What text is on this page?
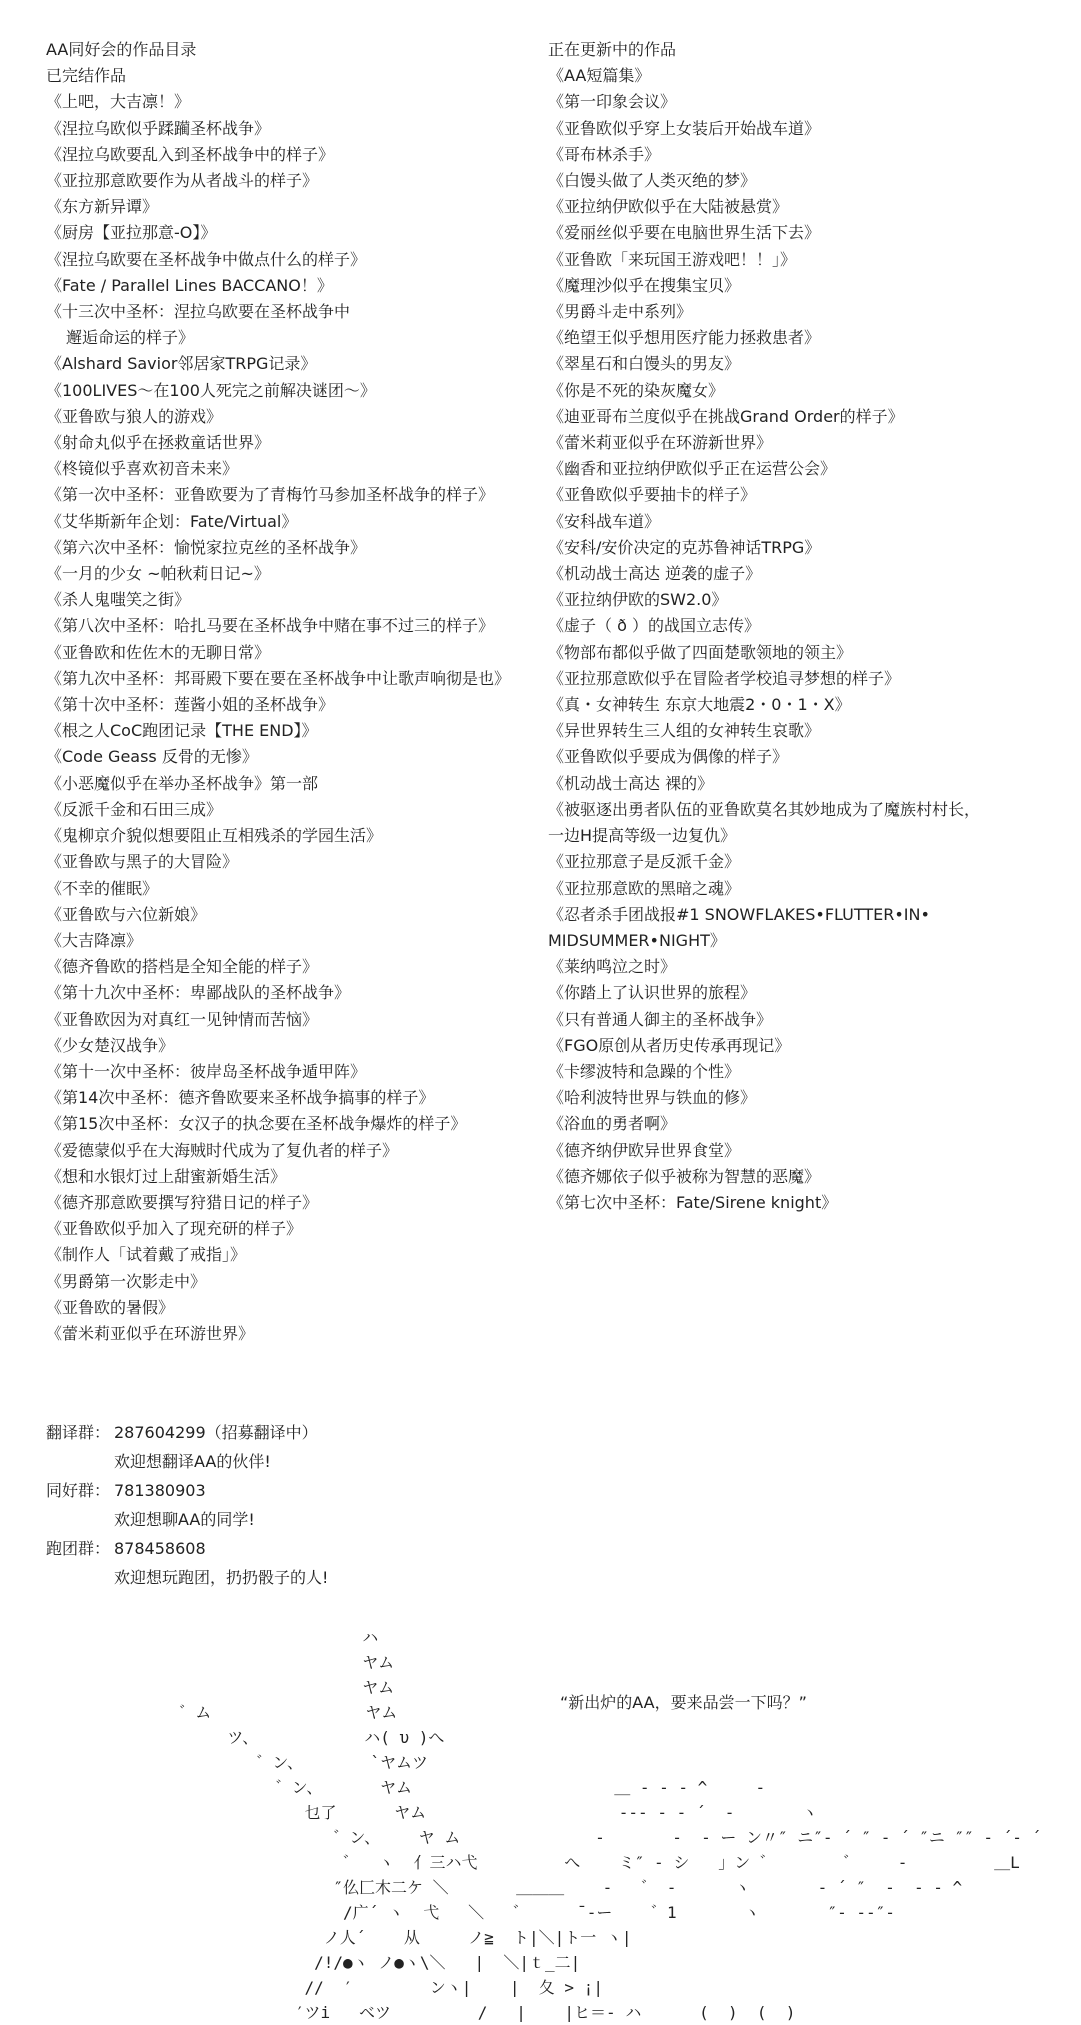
AA同好会的作品目录
已完结作品
《上吧，大吉凛！》
《涅拉乌欧似乎蹂躏圣杯战争》
《涅拉乌欧要乱入到圣杯战争中的样子》
《亚拉那意欧要作为从者战斗的样子》
《东方新异谭》
《厨房【亚拉那意-O】》
《涅拉乌欧要在圣杯战争中做点什么的样子》
《Fate / Parallel Lines BACCANO！》
《十三次中圣杯：涅拉乌欧要在圣杯战争中
邂逅命运的样子》
《Alshard Savior邻居家TRPG记录》
《100LIVES～在100人死完之前解决谜团～》
《亚鲁欧与狼人的游戏》
《射命丸似乎在拯救童话世界》
《柊镜似乎喜欢初音未来》
《第一次中圣杯：亚鲁欧要为了青梅竹马参加圣杯战争的样子》
《艾华斯新年企划：Fate/Virtual》
《第六次中圣杯：愉悦家拉克丝的圣杯战争》
《一月的少女 ~帕秋莉日记~》
《杀人鬼嗤笑之街》
《第八次中圣杯：哈扎马要在圣杯战争中赌在事不过三的样子》
《亚鲁欧和佐佐木的无聊日常》
《第九次中圣杯：邦哥殿下要在要在圣杯战争中让歌声响彻是也》
《第十次中圣杯：莲酱小姐的圣杯战争》
《根之人CoC跑团记录【THE END】》
《Code Geass 反骨的无惨》
《小恶魔似乎在举办圣杯战争》第一部
《反派千金和石田三成》
《鬼柳京介貌似想要阻止互相残杀的学园生活》
《亚鲁欧与黑子的大冒险》
《不幸的催眠》
《亚鲁欧与六位新娘》
《大吉降凛》
《德齐鲁欧的搭档是全知全能的样子》
《第十九次中圣杯：卑鄙战队的圣杯战争》
《亚鲁欧因为对真红一见钟情而苦恼》
《少女楚汉战争》
《第十一次中圣杯：彼岸岛圣杯战争遁甲阵》
《第14次中圣杯：德齐鲁欧要来圣杯战争搞事的样子》
《第15次中圣杯：女汉子的执念要在圣杯战争爆炸的样子》
《爱德蒙似乎在大海贼时代成为了复仇者的样子》
《想和水银灯过上甜蜜新婚生活》
《德齐那意欧要撰写狩猎日记的样子》
《亚鲁欧似乎加入了现充研的样子》
《制作人「试着戴了戒指」》
《男爵第一次影走中》
《亚鲁欧的暑假》
《蕾米莉亚似乎在环游世界》
正在更新中的作品
《AA短篇集》
《第一印象会议》
《亚鲁欧似乎穿上女装后开始战车道》
《哥布林杀手》
《白馒头做了人类灭绝的梦》
《亚拉纳伊欧似乎在大陆被悬赏》
《爱丽丝似乎要在电脑世界生活下去》
《亚鲁欧「来玩国王游戏吧！！」》
《魔理沙似乎在搜集宝贝》
《男爵斗走中系列》
《绝望王似乎想用医疗能力拯救患者》
《翠星石和白馒头的男友》
《你是不死的染灰魔女》
《迪亚哥布兰度似乎在挑战Grand Order的样子》
《蕾米莉亚似乎在环游新世界》
《幽香和亚拉纳伊欧似乎正在运营公会》
《亚鲁欧似乎要抽卡的样子》
《安科战车道》
《安科/安价决定的克苏鲁神话TRPG》
《机动战士高达 逆袭的虚子》
《亚拉纳伊欧的SW2.0》
《虚子（ ð ）的战国立志传》
《物部布都似乎做了四面楚歌领地的领主》
《亚拉那意欧似乎在冒险者学校追寻梦想的样子》
《真・女神转生 东京大地震2・0・1・X》
《异世界转生三人组的女神转生哀歌》
《亚鲁欧似乎要成为偶像的样子》
《机动战士高达 裸的》
《被驱逐出勇者队伍的亚鲁欧莫名其妙地成为了魔族村村长，
一边H提高等级一边复仇》
《亚拉那意子是反派千金》
《亚拉那意欧的黑暗之魂》
《忍者杀手团战报#1 SNOWFLAKES•FLUTTER•IN•
MIDSUMMER•NIGHT》
《莱纳鸣泣之时》
《你踏上了认识世界的旅程》
《只有普通人御主的圣杯战争》
《FGO原创从者历史传承再现记》
《卡缪波特和急躁的个性》
《哈利波特世界与铁血的修》
《浴血的勇者啊》
《德齐纳伊欧异世界食堂》
《德齐娜依子似乎被称为智慧的恶魔》
《第七次中圣杯：Fate/Sirene knight》
翻译群： 287604299（招募翻译中）
欢迎想翻译AA的伙伴!
同好群： 781380903
欢迎想聊AA的同学!
跑团群： 878458608
欢迎想玩跑团，扔扔骰子的人!
ハ
ヤム
ヤム
゛ム                ヤム
ツ、           ハ( υ )へ
゛ン、       `ヤムツ
゛ン、      ヤム                     ＿ ‐ ‐ ‐ ^     ‐
乜了      ヤム                    ‐‐‐ ‐ ‐ ´  ‐       ヽ
゛ン、    ヤ ム              ‐       ‐  ‐ ー ン〃″ ニ″‐ ´ ″ ‐ ´ ″ニ ″″ ‐ ´‐ ´
゛  ヽ  亻三ハ弋         へ    ミ″ ‐ シ   」ン ゛       ゛    ‐         ＿L
″仫匚木二ケ ＼       ＿＿＿    ‐   ゛ ‐      ヽ       ‐ ´ ″  ‐  ‐ ‐ ^
/广´ ヽ  弋   ＼   ゛     ̄ ‐ー    ゛1       ヽ       ″‐ ‐‐″‐
ノ人´    从     ノ≧  ト|＼|ト一 ヽ|
/!/●ヽ ノ●ヽ\＼   |  ＼|ｔ_二|
//  ′        ンヽ|    |  夂 > ¡|
′ツi   ベツ         /   |    |ヒ＝‐ ハ      (  )  (  )
“新出炉的AA，要来品尝一下吗？”
